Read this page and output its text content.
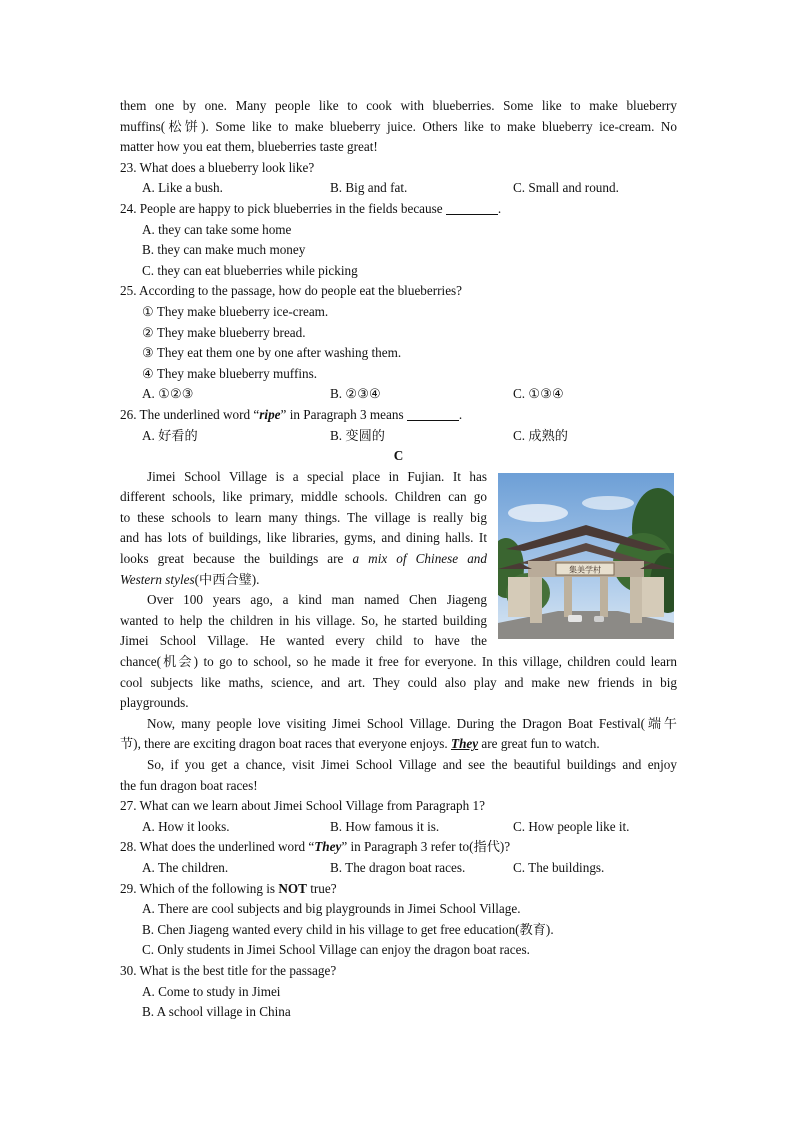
them one by one. Many people like to cook with blueberries. Some like to make blueberry
muffins(松饼). Some like to make blueberry juice. Others like to make blueberry ice-cream. No
matter how you eat them, blueberries taste great!
23. What does a blueberry look like?
A. Like a bush.	B. Big and fat.	C. Small and round.
24. People are happy to pick blueberries in the fields because	.
A. they can take some home
B. they can make much money
C. they can eat blueberries while picking
25. According to the passage, how do people eat the blueberries?
① They make blueberry ice-cream.
② They make blueberry bread.
③ They eat them one by one after washing them.
④ They make blueberry muffins.
A. ①②③	B. ②③④	C. ①③④
26. The underlined word “ripe” in Paragraph 3 means	.
A. 好看的	B. 变圆的	C. 成熟的
C
Jimei School Village is a special place in Fujian. It has
different schools, like primary, middle schools. Children can go
to these schools to learn many things. The village is really big
and has lots of buildings, like libraries, gyms, and dining halls. It
looks great because the buildings are a mix of Chinese and
Western styles(中西合璧).
Over 100 years ago, a kind man named Chen Jiageng
wanted to help the children in his village. So, he started building
Jimei School Village. He wanted every child to have the
chance(机会) to go to school, so he made it free for everyone. In this village, children could learn
cool subjects like maths, science, and art. They could also play and make new friends in big
playgrounds.
Now, many people love visiting Jimei School Village. During the Dragon Boat Festival(端午
节), there are exciting dragon boat races that everyone enjoys. They are great fun to watch.
So, if you get a chance, visit Jimei School Village and see the beautiful buildings and enjoy
the fun dragon boat races!
27. What can we learn about Jimei School Village from Paragraph 1?
A. How it looks.	B. How famous it is.	C. How people like it.
28. What does the underlined word “They” in Paragraph 3 refer to(指代)?
A. The children.	B. The dragon boat races.	C. The buildings.
29. Which of the following is NOT true?
A. There are cool subjects and big playgrounds in Jimei School Village.
B. Chen Jiageng wanted every child in his village to get free education(教育).
C. Only students in Jimei School Village can enjoy the dragon boat races.
30. What is the best title for the passage?
A. Come to study in Jimei
B. A school village in China
集美学村
